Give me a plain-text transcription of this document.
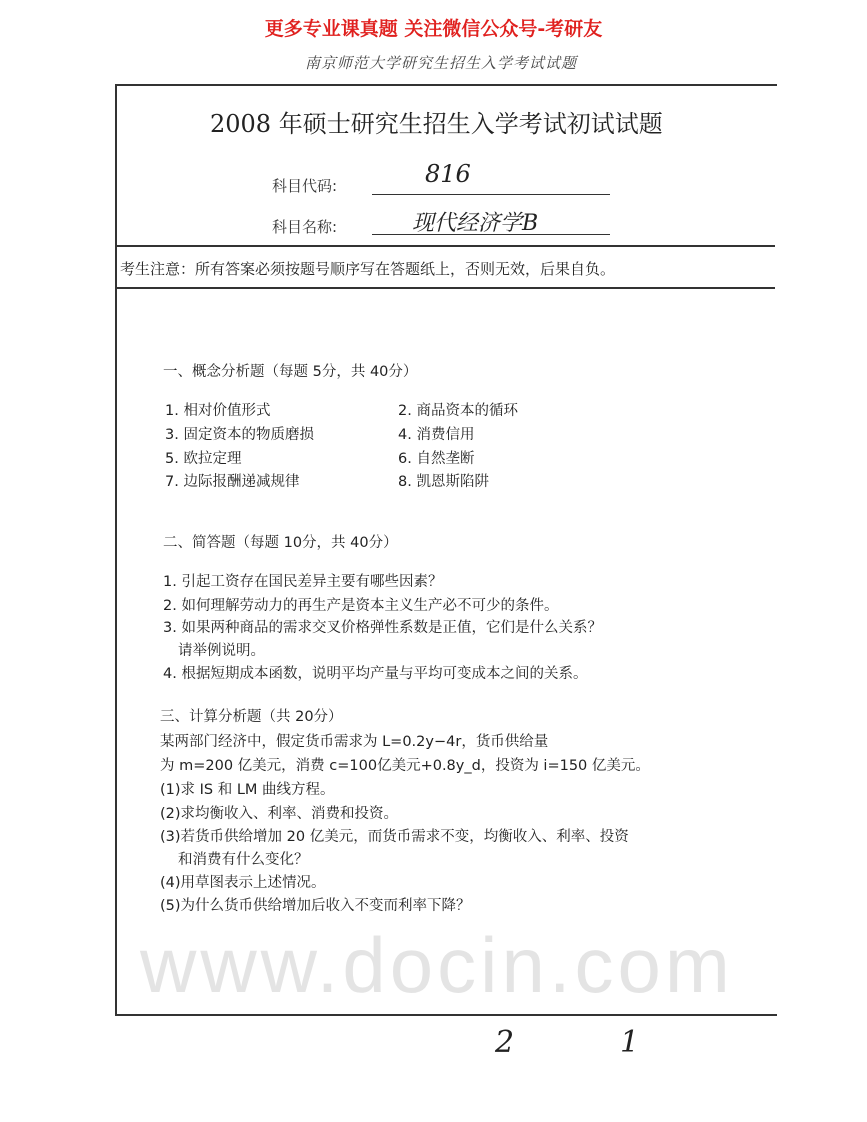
更多专业课真题 关注微信公众号-考研友
南京师范大学研究生招生入学考试试题
2008 年硕士研究生招生入学考试初试试题
科目代码:	816
科目名称:	现代经济学B
考生注意：所有答案必须按题号顺序写在答题纸上，否则无效，后果自负。
一、概念分析题（每题 5分，共 40分）
1. 相对价值形式	2. 商品资本的循环
3. 固定资本的物质磨损	4. 消费信用
5. 欧拉定理	6. 自然垄断
7. 边际报酬递减规律	8. 凯恩斯陷阱
二、简答题（每题 10分，共 40分）
1. 引起工资存在国民差异主要有哪些因素？
2. 如何理解劳动力的再生产是资本主义生产必不可少的条件。
3. 如果两种商品的需求交叉价格弹性系数是正值，它们是什么关系？
请举例说明。
4. 根据短期成本函数，说明平均产量与平均可变成本之间的关系。
三、计算分析题（共 20分）
某两部门经济中，假定货币需求为 L=0.2y−4r，货币供给量
为 m=200 亿美元，消费 c=100亿美元+0.8y_d，投资为 i=150 亿美元。
(1)求 IS 和 LM 曲线方程。
(2)求均衡收入、利率、消费和投资。
(3)若货币供给增加 20 亿美元，而货币需求不变，均衡收入、利率、投资
和消费有什么变化？
(4)用草图表示上述情况。
(5)为什么货币供给增加后收入不变而利率下降？
www.docin.com
2	1
